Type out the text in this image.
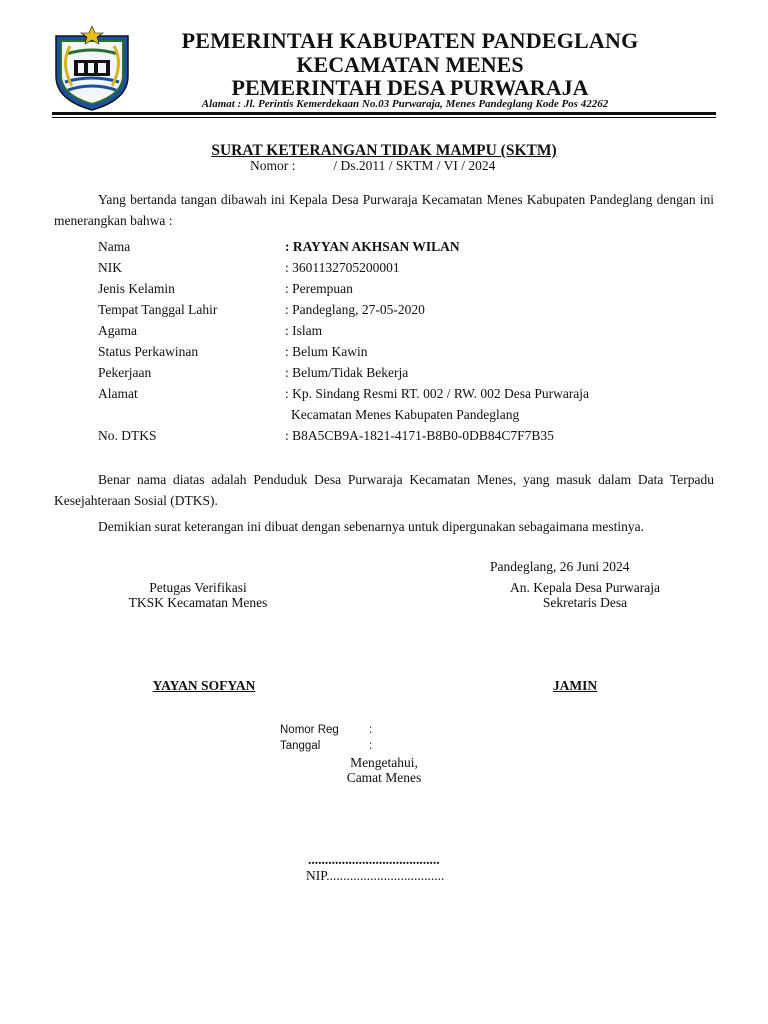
PEMERINTAH KABUPATEN PANDEGLANG
KECAMATAN MENES
PEMERINTAH DESA PURWARAJA
Alamat : Jl. Perintis Kemerdekaan No.03 Purwaraja, Menes Pandeglang Kode Pos 42262
SURAT KETERANGAN TIDAK MAMPU (SKTM)
Nomor :	/ Ds.2011 / SKTM / VI / 2024
Yang bertanda tangan dibawah ini Kepala Desa Purwaraja Kecamatan Menes Kabupaten Pandeglang dengan ini menerangkan bahwa :
Nama	: RAYYAN AKHSAN WILAN
NIK	: 3601132705200001
Jenis Kelamin	: Perempuan
Tempat Tanggal Lahir	: Pandeglang, 27-05-2020
Agama	: Islam
Status Perkawinan	: Belum Kawin
Pekerjaan	: Belum/Tidak Bekerja
Alamat	: Kp. Sindang Resmi RT. 002 / RW. 002 Desa Purwaraja
Kecamatan Menes Kabupaten Pandeglang
No. DTKS	: B8A5CB9A-1821-4171-B8B0-0DB84C7F7B35
Benar nama diatas adalah Penduduk Desa Purwaraja Kecamatan Menes, yang masuk dalam Data Terpadu Kesejahteraan Sosial (DTKS).
Demikian surat keterangan ini dibuat dengan sebenarnya untuk dipergunakan sebagaimana mestinya.
Pandeglang, 26 Juni 2024
Petugas Verifikasi
TKSK Kecamatan Menes
An. Kepala Desa Purwaraja
Sekretaris Desa
YAYAN SOFYAN	JAMIN
Nomor Reg	:
Tanggal	:
Mengetahui,
Camat Menes
.......................................
NIP...................................
